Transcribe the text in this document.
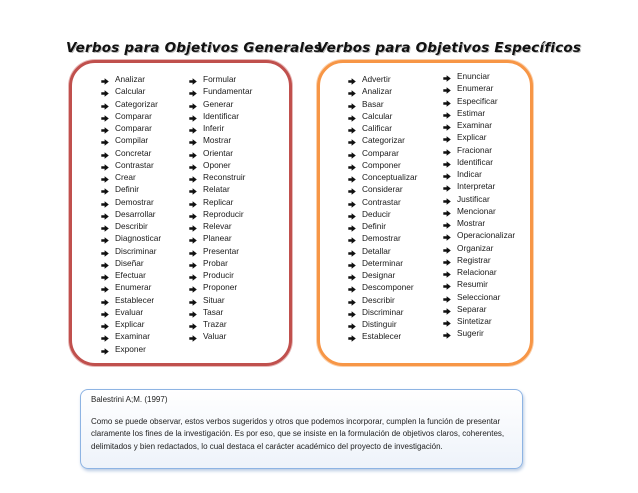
Verbos para Objetivos Generales
Verbos para Objetivos Específicos
Analizar
Calcular
Categorizar
Comparar
Comparar
Compilar
Concretar
Contrastar
Crear
Definir
Demostrar
Desarrollar
Describir
Diagnosticar
Discriminar
Diseñar
Efectuar
Enumerar
Establecer
Evaluar
Explicar
Examinar
Exponer
Formular
Fundamentar
Generar
Identificar
Inferir
Mostrar
Orientar
Oponer
Reconstruir
Relatar
Replicar
Reproducir
Relevar
Planear
Presentar
Probar
Producir
Proponer
Situar
Tasar
Trazar
Valuar
Advertir
Analizar
Basar
Calcular
Calificar
Categorizar
Comparar
Componer
Conceptualizar
Considerar
Contrastar
Deducir
Definir
Demostrar
Detallar
Determinar
Designar
Descomponer
Describir
Discriminar
Distinguir
Establecer
Enunciar
Enumerar
Especificar
Estimar
Examinar
Explicar
Fracionar
Identificar
Indicar
Interpretar
Justificar
Mencionar
Mostrar
Operacionalizar
Organizar
Registrar
Relacionar
Resumir
Seleccionar
Separar
Sintetizar
Sugerir

Balestrini A;M. (1997)

Como se puede observar, estos verbos sugeridos y otros que podemos incorporar, cumplen la función de presentar claramente los fines de la investigación. Es por eso, que se insiste en la formulación de objetivos claros, coherentes, delimitados y bien redactados, lo cual destaca el carácter académico del proyecto de investigación.
